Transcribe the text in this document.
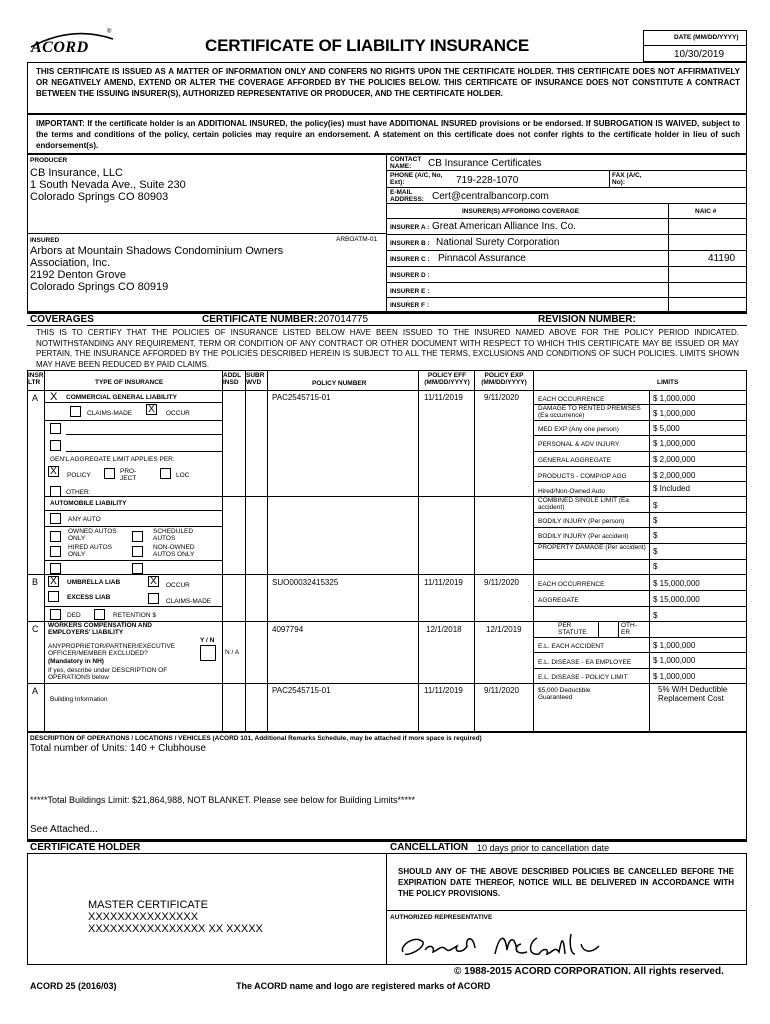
ACORD
®
CERTIFICATE OF LIABILITY INSURANCE	DATE (MM/DD/YYYY)
10/30/2019
THIS CERTIFICATE IS ISSUED AS A MATTER OF INFORMATION ONLY AND CONFERS NO RIGHTS UPON THE CERTIFICATE HOLDER. THIS CERTIFICATE DOES NOT AFFIRMATIVELY OR NEGATIVELY AMEND, EXTEND OR ALTER THE COVERAGE AFFORDED BY THE POLICIES BELOW. THIS CERTIFICATE OF INSURANCE DOES NOT CONSTITUTE A CONTRACT BETWEEN THE ISSUING INSURER(S), AUTHORIZED REPRESENTATIVE OR PRODUCER, AND THE CERTIFICATE HOLDER.
IMPORTANT: If the certificate holder is an ADDITIONAL INSURED, the policy(ies) must have ADDITIONAL INSURED provisions or be endorsed. If SUBROGATION IS WAIVED, subject to the terms and conditions of the policy, certain policies may require an endorsement. A statement on this certificate does not confer rights to the certificate holder in lieu of such endorsement(s).
PRODUCER
CB Insurance, LLC
1 South Nevada Ave., Suite 230
Colorado Springs CO 80903
CONTACT NAME:	CB Insurance Certificates
PHONE (A/C, No, Ext):	719-228-1070	FAX (A/C, No):
E-MAIL ADDRESS: Cert@centralbancorp.com
INSURER(S) AFFORDING COVERAGE	NAIC #
INSURER A : Great American Alliance Ins. Co.
INSURER B : National Surety Corporation
INSURER C : Pinnacol Assurance	41190
INSURER D :
INSURER E :
INSURER F :
INSURED	ARBOATM-01
Arbors at Mountain Shadows Condominium Owners
Association, Inc.
2192 Denton Grove
Colorado Springs CO 80919
COVERAGES	CERTIFICATE NUMBER: 207014775	REVISION NUMBER:
THIS IS TO CERTIFY THAT THE POLICIES OF INSURANCE LISTED BELOW HAVE BEEN ISSUED TO THE INSURED NAMED ABOVE FOR THE POLICY PERIOD INDICATED. NOTWITHSTANDING ANY REQUIREMENT, TERM OR CONDITION OF ANY CONTRACT OR OTHER DOCUMENT WITH RESPECT TO WHICH THIS CERTIFICATE MAY BE ISSUED OR MAY PERTAIN, THE INSURANCE AFFORDED BY THE POLICIES DESCRIBED HEREIN IS SUBJECT TO ALL THE TERMS, EXCLUSIONS AND CONDITIONS OF SUCH POLICIES. LIMITS SHOWN MAY HAVE BEEN REDUCED BY PAID CLAIMS.
INSR LTR	TYPE OF INSURANCE
ADDL INSD
SUBR WVD	POLICY NUMBER
POLICY EFF (MM/DD/YYYY)
POLICY EXP (MM/DD/YYYY)	LIMITS
A X COMMERCIAL GENERAL LIABILITY
CLAIMS-MADE X	OCCUR
GEN'L AGGREGATE LIMIT APPLIES PER:
X	POLICY
PRO- JECT	LOC
OTHER:
PAC2545715-01	11/11/2019	9/11/2020	EACH OCCURRENCE	$ 1,000,000
DAMAGE TO RENTED PREMISES (Ea occurrence)	$ 1,000,000
MED EXP (Any one person)	$ 5,000
PERSONAL & ADV INJURY	$ 1,000,000
GENERAL AGGREGATE	$ 2,000,000
PRODUCTS - COMP/OP AGG	$ 2,000,000
Hired/Non-Owned Auto	$ Included
AUTOMOBILE LIABILITY
ANY AUTO
OWNED AUTOS ONLY
SCHEDULED AUTOS
HIRED AUTOS ONLY
NON-OWNED AUTOS ONLY
COMBINED SINGLE LIMIT (Ea accident)	$
BODILY INJURY (Per person)	$
BODILY INJURY (Per accident)	$
PROPERTY DAMAGE (Per accident) $
$
B X	UMBRELLA LIAB	X	OCCUR
EXCESS LIAB
CLAIMS-MADE
DED	RETENTION $
SUO00032415325	11/11/2019	9/11/2020	EACH OCCURRENCE	$ 15,000,000
AGGREGATE	$ 15,000,000
$
C WORKERS COMPENSATION AND EMPLOYERS' LIABILITY
Y / N
ANYPROPRIETOR/PARTNER/EXECUTIVE OFFICER/MEMBER EXCLUDED?
(Mandatory in NH)
If yes, describe under DESCRIPTION OF OPERATIONS below
N / A
4097794	12/1/2018	12/1/2019	PER STATUTE
OTH- ER
E.L. EACH ACCIDENT	$ 1,000,000
E.L. DISEASE - EA EMPLOYEE	$ 1,000,000
E.L. DISEASE - POLICY LIMIT	$ 1,000,000
A
Building Information
PAC2545715-01	11/11/2019	9/11/2020	$5,000 Deductible
Guaranteed
5% W/H Deductible
Replacement Cost
DESCRIPTION OF OPERATIONS / LOCATIONS / VEHICLES (ACORD 101, Additional Remarks Schedule, may be attached if more space is required)
Total number of Units: 140 + Clubhouse
*****Total Buildings Limit: $21,864,988, NOT BLANKET. Please see below for Building Limits*****
See Attached...
CERTIFICATE HOLDER	CANCELLATION 10 days prior to cancellation date
MASTER CERTIFICATE
XXXXXXXXXXXXXXX
XXXXXXXXXXXXXXXX XX XXXXX
SHOULD ANY OF THE ABOVE DESCRIBED POLICIES BE CANCELLED BEFORE THE EXPIRATION DATE THEREOF, NOTICE WILL BE DELIVERED IN ACCORDANCE WITH THE POLICY PROVISIONS.
AUTHORIZED REPRESENTATIVE
© 1988-2015 ACORD CORPORATION. All rights reserved.
ACORD 25 (2016/03)	The ACORD name and logo are registered marks of ACORD
